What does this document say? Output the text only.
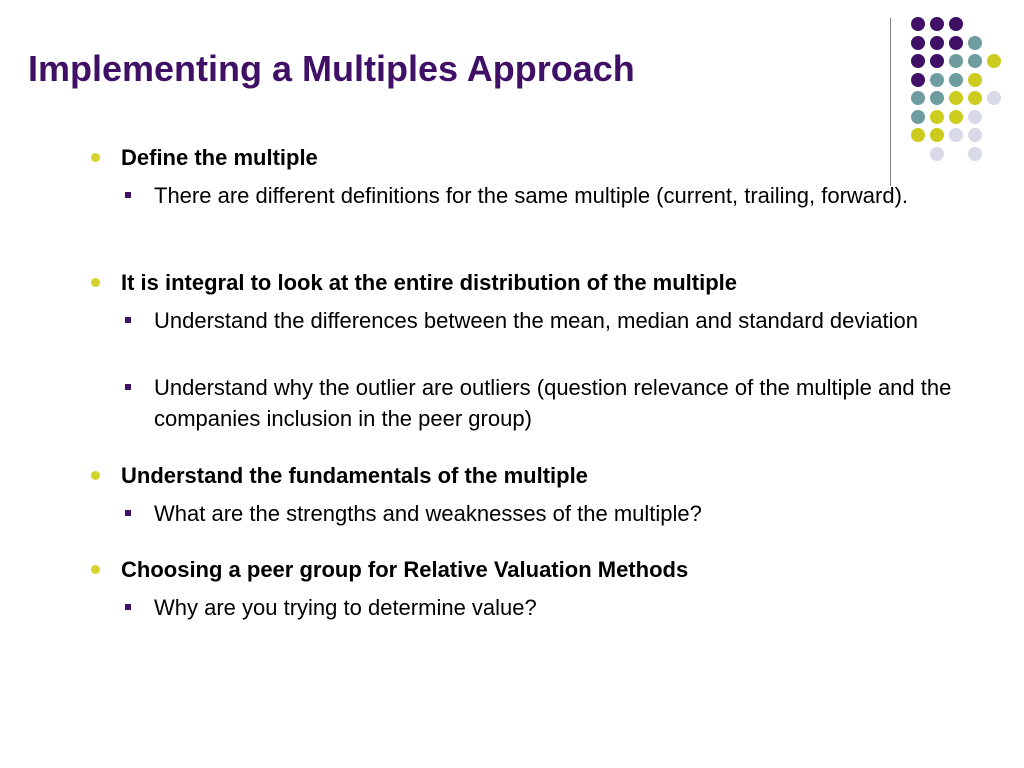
Implementing a Multiples Approach
Define the multiple
There are different definitions for the same multiple (current, trailing, forward).
It is integral to look at the entire distribution of the multiple
Understand the differences between the mean, median and standard deviation
Understand why the outlier are outliers (question relevance of the multiple and the companies inclusion in the peer group)
Understand the fundamentals of the multiple
What are the strengths and weaknesses of the multiple?
Choosing a peer group for Relative Valuation Methods
Why are you trying to determine value?
